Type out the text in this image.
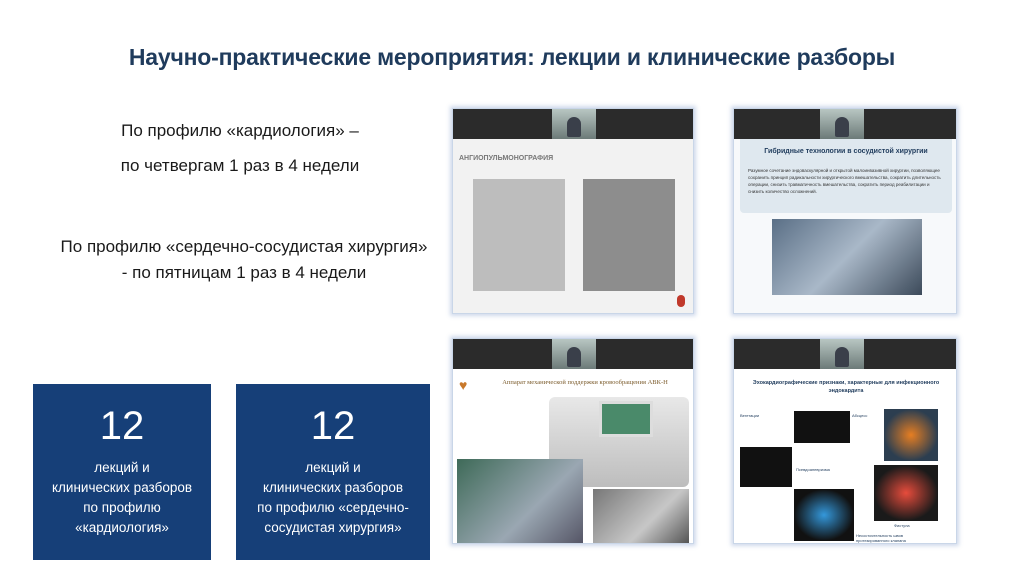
Научно-практические мероприятия: лекции и клинические разборы
По профилю «кардиология» –
по четвергам 1 раз в 4 недели
По профилю «сердечно-сосудистая хирургия»
- по пятницам 1 раз в 4 недели
12
лекций и
клинических разборов
по профилю
«кардиология»
12
лекций и
клинических разборов
по профилю «сердечно-
сосудистая хирургия»
АНГИОПУЛЬМОНОГРАФИЯ
Гибридные технологии в сосудистой хирургии
Разумное сочетание эндоваскулярной и открытой малоинвазивной хирургии, позволяющее сохранить принцип радикальности хирургического вмешательства, сократить длительность операции, снизить травматичность вмешательства, сократить период реабилитации и снизить количество осложнений.
♥	Аппарат механической поддержки кровообращения АВК-Н	Эхокардиографические признаки, характерные для инфекционного эндокардита
Вегетации	Абсцесс
Псевдоаневризма
Фистула
Несостоятельность швов протезированного клапана
